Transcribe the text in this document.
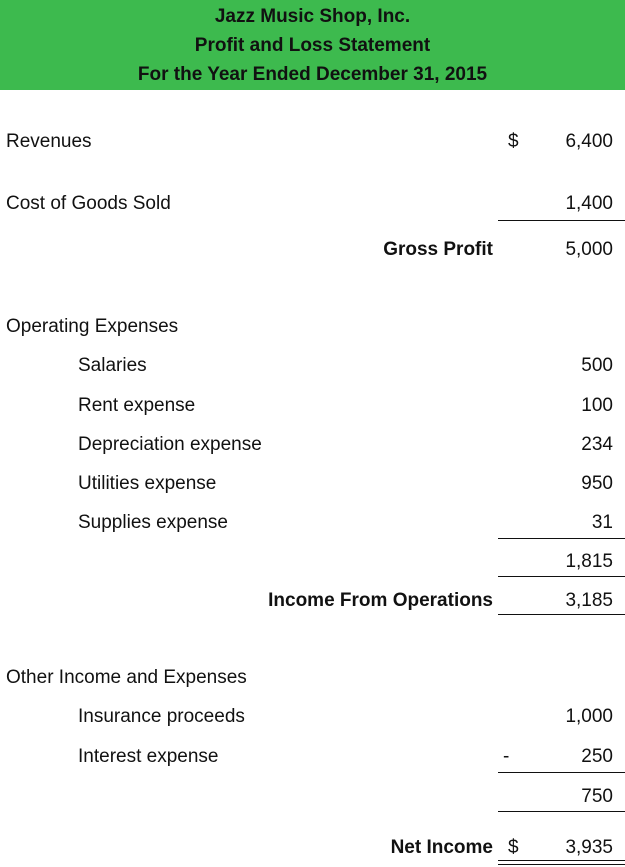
Jazz Music Shop, Inc.
Profit and Loss Statement
For the Year Ended December 31, 2015
Revenues	$ 6,400
Cost of Goods Sold	1,400
Gross Profit	5,000
Operating Expenses
Salaries	500
Rent expense	100
Depreciation expense	234
Utilities expense	950
Supplies expense	31
1,815
Income From Operations	3,185
Other Income and Expenses
Insurance proceeds	1,000
Interest expense	-	250
750
Net Income $ 3,935
